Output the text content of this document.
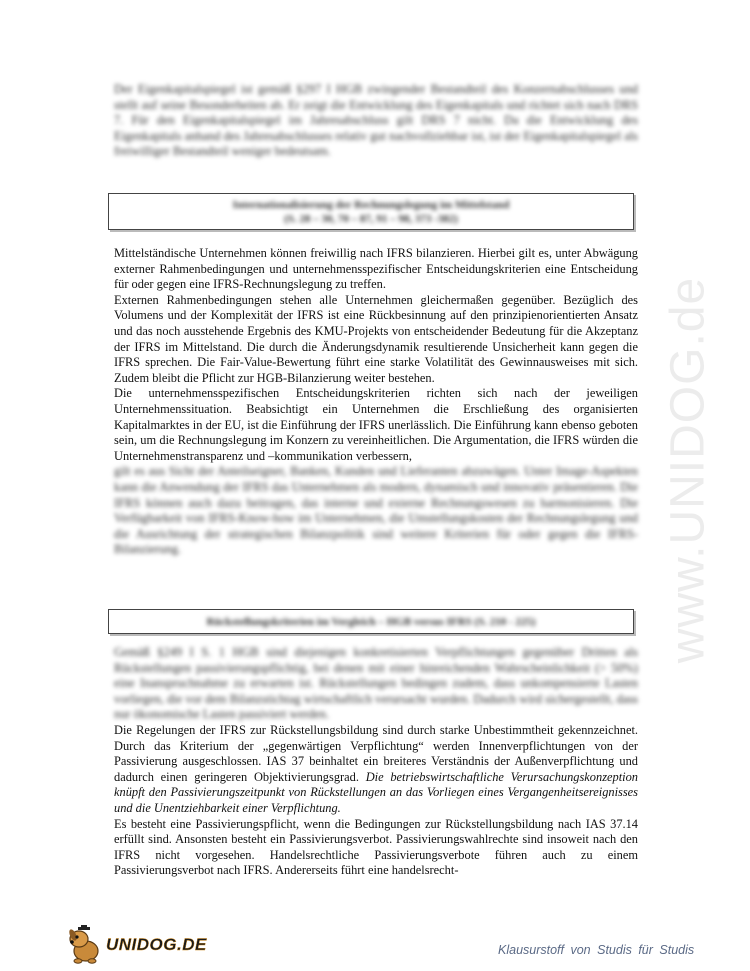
Der Eigenkapitalspiegel ist gemäß §297 I HGB zwingender Bestandteil des Konzernabschlusses und stellt auf seine Besonderheiten ab. Er zeigt die Entwicklung des Eigenkapitals und richtet sich nach DRS 7. Für den Eigenkapitalspiegel im Jahresabschluss gilt DRS 7 nicht. Da die Entwicklung des Eigenkapitals anhand des Jahresabschlusses relativ gut nachvollziehbar ist, ist der Eigenkapitalspiegel als freiwilliger Bestandteil weniger bedeutsam.

Internationalisierung der Rechnungslegung im Mittelstand
(S. 28 – 30, 70 – 87, 91 – 98, 373 -382)

Mittelständische Unternehmen können freiwillig nach IFRS bilanzieren. Hierbei gilt es, unter Abwägung externer Rahmenbedingungen und unternehmensspezifischer Entscheidungskriterien eine Entscheidung für oder gegen eine IFRS-Rechnungslegung zu treffen.

Externen Rahmenbedingungen stehen alle Unternehmen gleichermaßen gegenüber. Bezüglich des Volumens und der Komplexität der IFRS ist eine Rückbesinnung auf den prinzipienorientierten Ansatz und das noch ausstehende Ergebnis des KMU-Projekts von entscheidender Bedeutung für die Akzeptanz der IFRS im Mittelstand. Die durch die Änderungsdynamik resultierende Unsicherheit kann gegen die IFRS sprechen. Die Fair-Value-Bewertung führt eine starke Volatilität des Gewinnausweises mit sich. Zudem bleibt die Pflicht zur HGB-Bilanzierung weiter bestehen.

Die unternehmensspezifischen Entscheidungskriterien richten sich nach der jeweiligen Unternehmenssituation. Beabsichtigt ein Unternehmen die Erschließung des organisierten Kapitalmarktes in der EU, ist die Einführung der IFRS unerlässlich. Die Einführung kann ebenso geboten sein, um die Rechnungslegung im Konzern zu vereinheitlichen. Die Argumentation, die IFRS würden die Unternehmenstransparenz und –kommunikation verbessern,

gilt es aus Sicht der Anteilseigner, Banken, Kunden und Lieferanten abzuwägen. Unter Image-Aspekten kann die Anwendung der IFRS das Unternehmen als modern, dynamisch und innovativ präsentieren. Die IFRS können auch dazu beitragen, das interne und externe Rechnungswesen zu harmonisieren. Die Verfügbarkeit von IFRS-Know-how im Unternehmen, die Umstellungskosten der Rechnungslegung und die Ausrichtung der strategischen Bilanzpolitik sind weitere Kriterien für oder gegen die IFRS-Bilanzierung.

Rückstellungskriterien im Vergleich – HGB versus IFRS (S. 210 - 225)

Gemäß §249 I S. 1 HGB sind diejenigen konkretisierten Verpflichtungen gegenüber Dritten als Rückstellungen passivierungspflichtig, bei denen mit einer hinreichenden Wahrscheinlichkeit (> 50%) eine Inanspruchnahme zu erwarten ist. Rückstellungen bedingen zudem, dass unkompensierte Lasten vorliegen, die vor dem Bilanzstichtag wirtschaftlich verursacht wurden. Dadurch wird sichergestellt, dass nur ökonomische Lasten passiviert werden.

Die Regelungen der IFRS zur Rückstellungsbildung sind durch starke Unbestimmtheit gekennzeichnet. Durch das Kriterium der „gegenwärtigen Verpflichtung“ werden Innenverpflichtungen von der Passivierung ausgeschlossen. IAS 37 beinhaltet ein breiteres Verständnis der Außenverpflichtung und dadurch einen geringeren Objektivierungsgrad. Die betriebswirtschaftliche Verursachungskonzeption knüpft den Passivierungszeitpunkt von Rückstellungen an das Vorliegen eines Vergangenheitsereignisses und die Unentziehbarkeit einer Verpflichtung.

Es besteht eine Passivierungspflicht, wenn die Bedingungen zur Rückstellungsbildung nach IAS 37.14 erfüllt sind. Ansonsten besteht ein Passivierungsverbot. Passivierungswahlrechte sind insoweit nach den IFRS nicht vorgesehen. Handelsrechtliche Passivierungsverbote führen auch zu einem Passivierungsverbot nach IFRS. Andererseits führt eine handelsrecht-

www.UNIDOG.de
UNIDOG.DE	Klausurstoff von Studis für Studis
